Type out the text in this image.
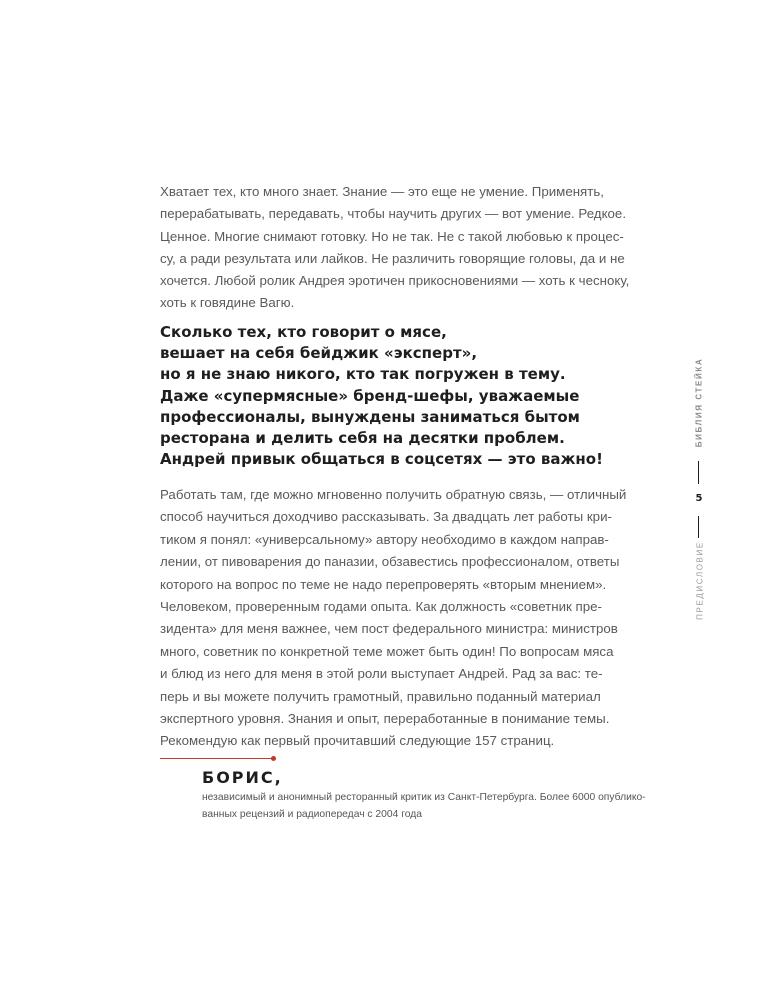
Хватает тех, кто много знает. Знание — это еще не умение. Применять,
перерабатывать, передавать, чтобы научить других — вот умение. Редкое.
Ценное. Многие снимают готовку. Но не так. Не с такой любовью к процес-
су, а ради результата или лайков. Не различить говорящие головы, да и не
хочется. Любой ролик Андрея эротичен прикосновениями — хоть к чесноку,
хоть к говядине Вагю.
Сколько тех, кто говорит о мясе,
вешает на себя бейджик «эксперт»,
но я не знаю никого, кто так погружен в тему.
Даже «супермясные» бренд-шефы, уважаемые
профессионалы, вынуждены заниматься бытом
ресторана и делить себя на десятки проблем.
Андрей привык общаться в соцсетях — это важно!
Работать там, где можно мгновенно получить обратную связь, — отличный
способ научиться доходчиво рассказывать. За двадцать лет работы кри-
тиком я понял: «универсальному» автору необходимо в каждом направ-
лении, от пивоварения до паназии, обзавестись профессионалом, ответы
которого на вопрос по теме не надо перепроверять «вторым мнением».
Человеком, проверенным годами опыта. Как должность «советник пре-
зидента» для меня важнее, чем пост федерального министра: министров
много, советник по конкретной теме может быть один! По вопросам мяса
и блюд из него для меня в этой роли выступает Андрей. Рад за вас: те-
перь и вы можете получить грамотный, правильно поданный материал
экспертного уровня. Знания и опыт, переработанные в понимание темы.
Рекомендую как первый прочитавший следующие 157 страниц.
БОРИС,
независимый и анонимный ресторанный критик из Санкт-Петербурга. Более 6000 опублико-
ванных рецензий и радиопередач с 2004 года
БИБЛИЯ СТЕЙКА
5
ПРЕДИСЛОВИЕ
